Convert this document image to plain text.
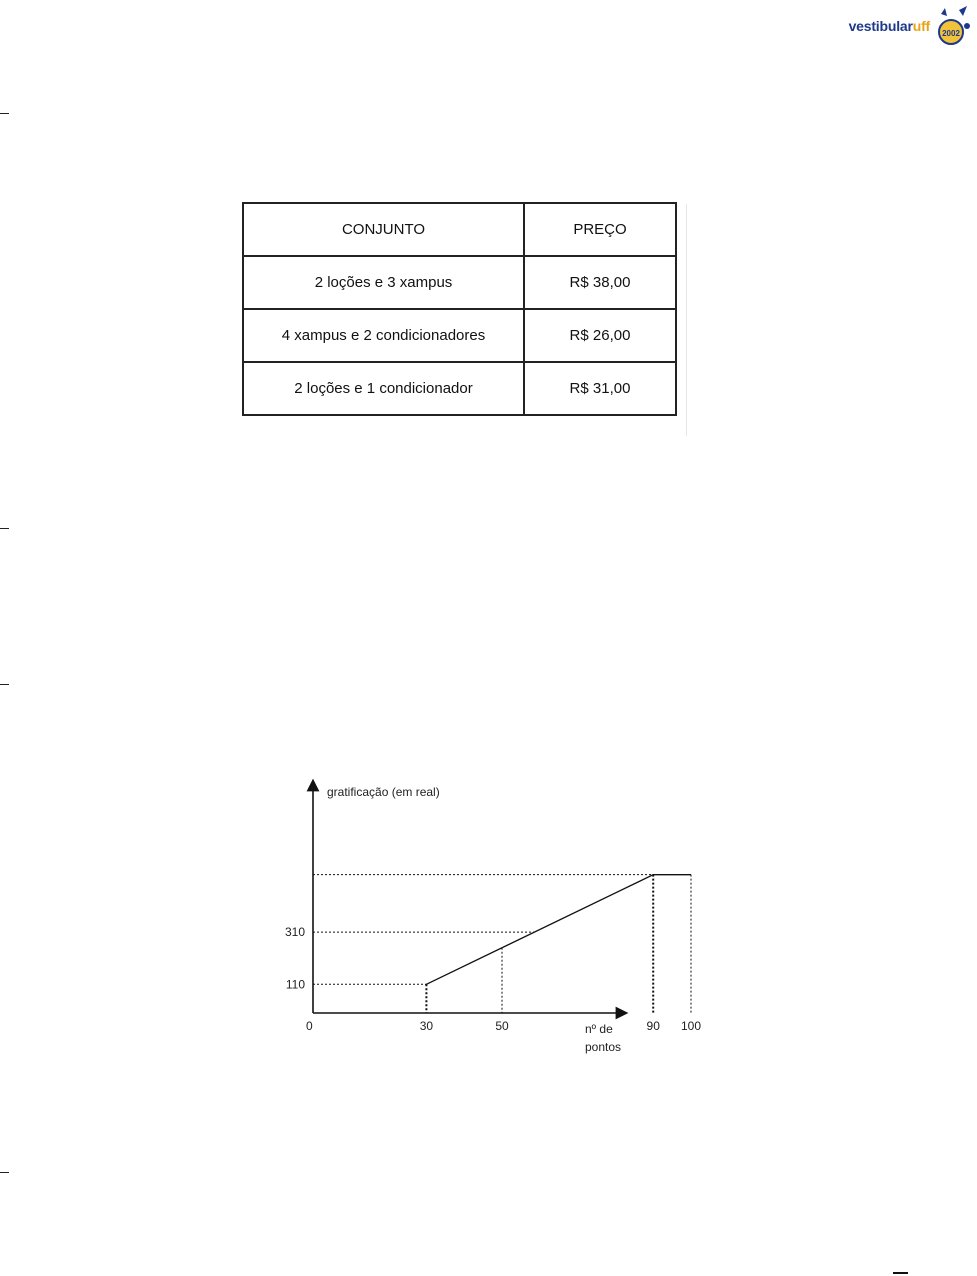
vestibularuff 2002
CONJUNTO	PREÇO
2 loções e 3 xampus	R$ 38,00
4 xampus e 2 condicionadores	R$ 26,00
2 loções e 1 condicionador	R$ 31,00
gratificação (em real)
nº de
pontos
0	30	50	90 100
110
310
